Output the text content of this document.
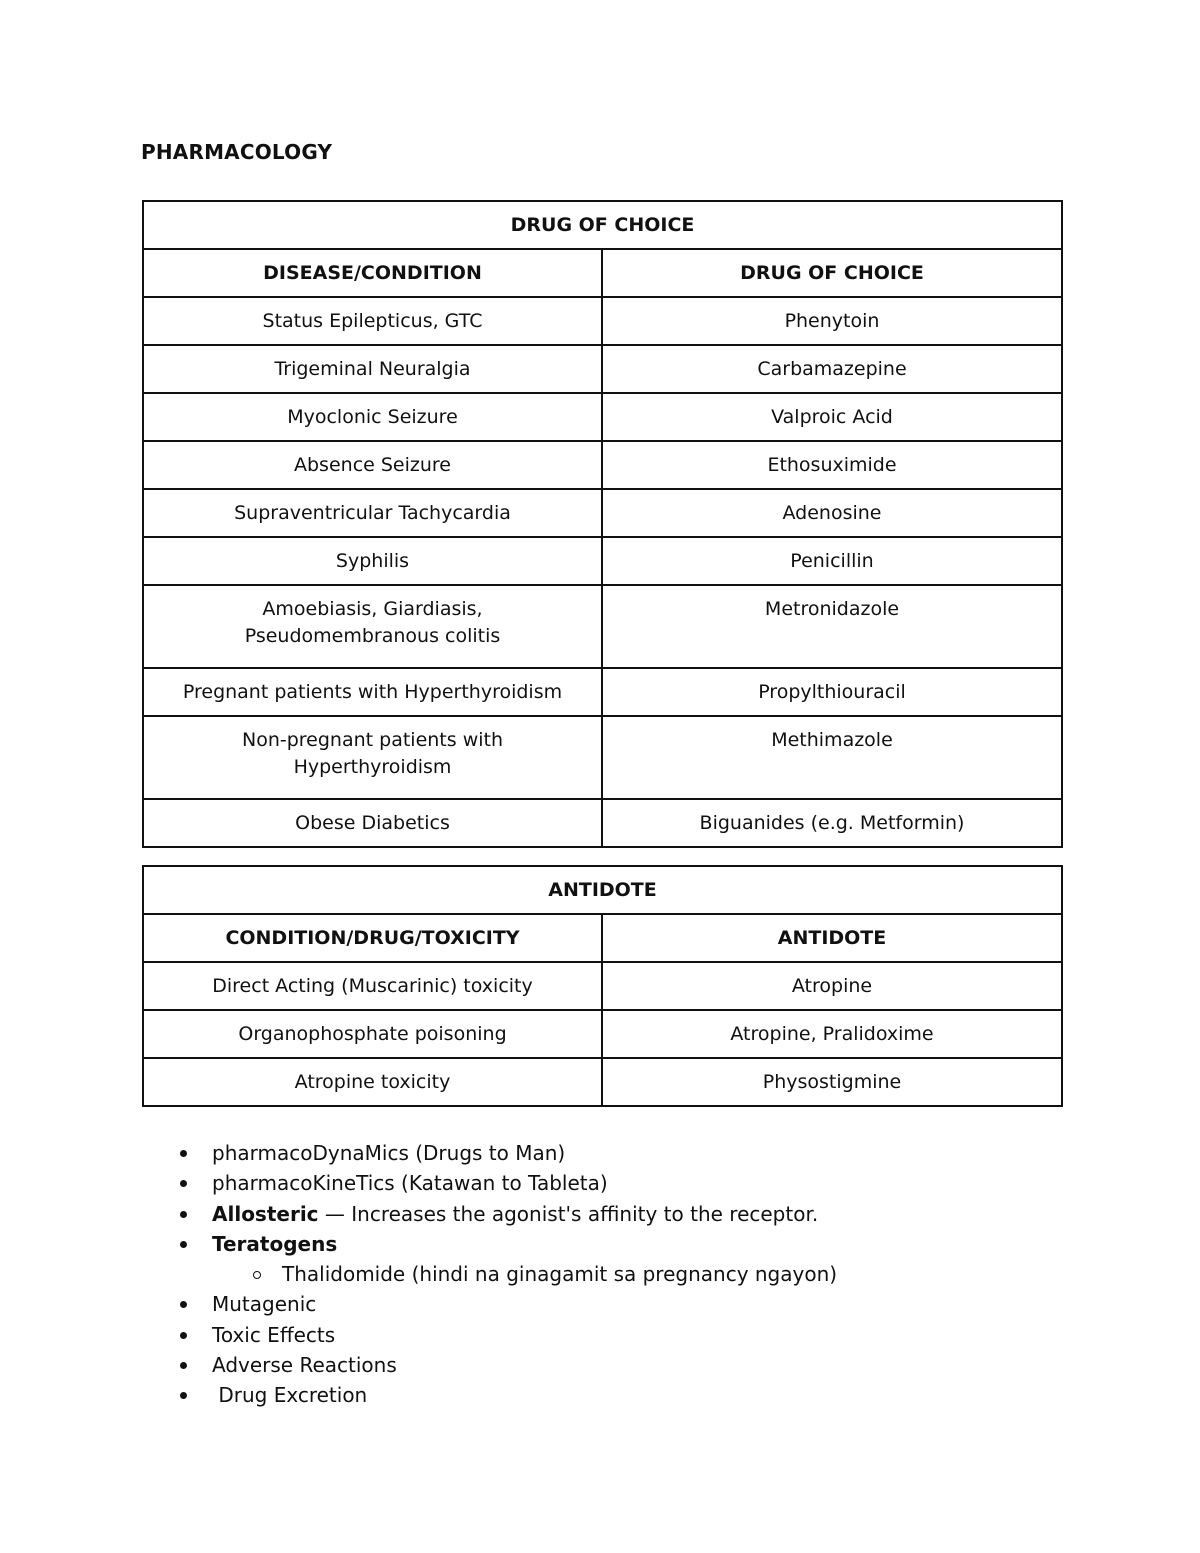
PHARMACOLOGY
DRUG OF CHOICE	
DISEASE/CONDITION	DRUG OF CHOICE
Status Epilepticus, GTC	Phenytoin
Trigeminal Neuralgia	Carbamazepine
Myoclonic Seizure	Valproic Acid
Absence Seizure	Ethosuximide
Supraventricular Tachycardia	Adenosine
Syphilis	Penicillin

Amoebiasis, Giardiasis,
Pseudomembranous colitis	Metronidazole
Pregnant patients with Hyperthyroidism	Propylthiouracil

Non-pregnant patients with
Hyperthyroidism	Methimazole
Obese Diabetics	Biguanides (e.g. Metformin)
ANTIDOTE	
CONDITION/DRUG/TOXICITY	ANTIDOTE
Direct Acting (Muscarinic) toxicity	Atropine
Organophosphate poisoning	Atropine, Pralidoxime
Atropine toxicity	Physostigmine
pharmacoDynaMics (Drugs to Man)
pharmacoKineTics (Katawan to Tableta)
Allosteric — Increases the agonist's affinity to the receptor.
Teratogens
Thalidomide (hindi na ginagamit sa pregnancy ngayon)
Mutagenic
Toxic Effects
Adverse Reactions
Drug Excretion
